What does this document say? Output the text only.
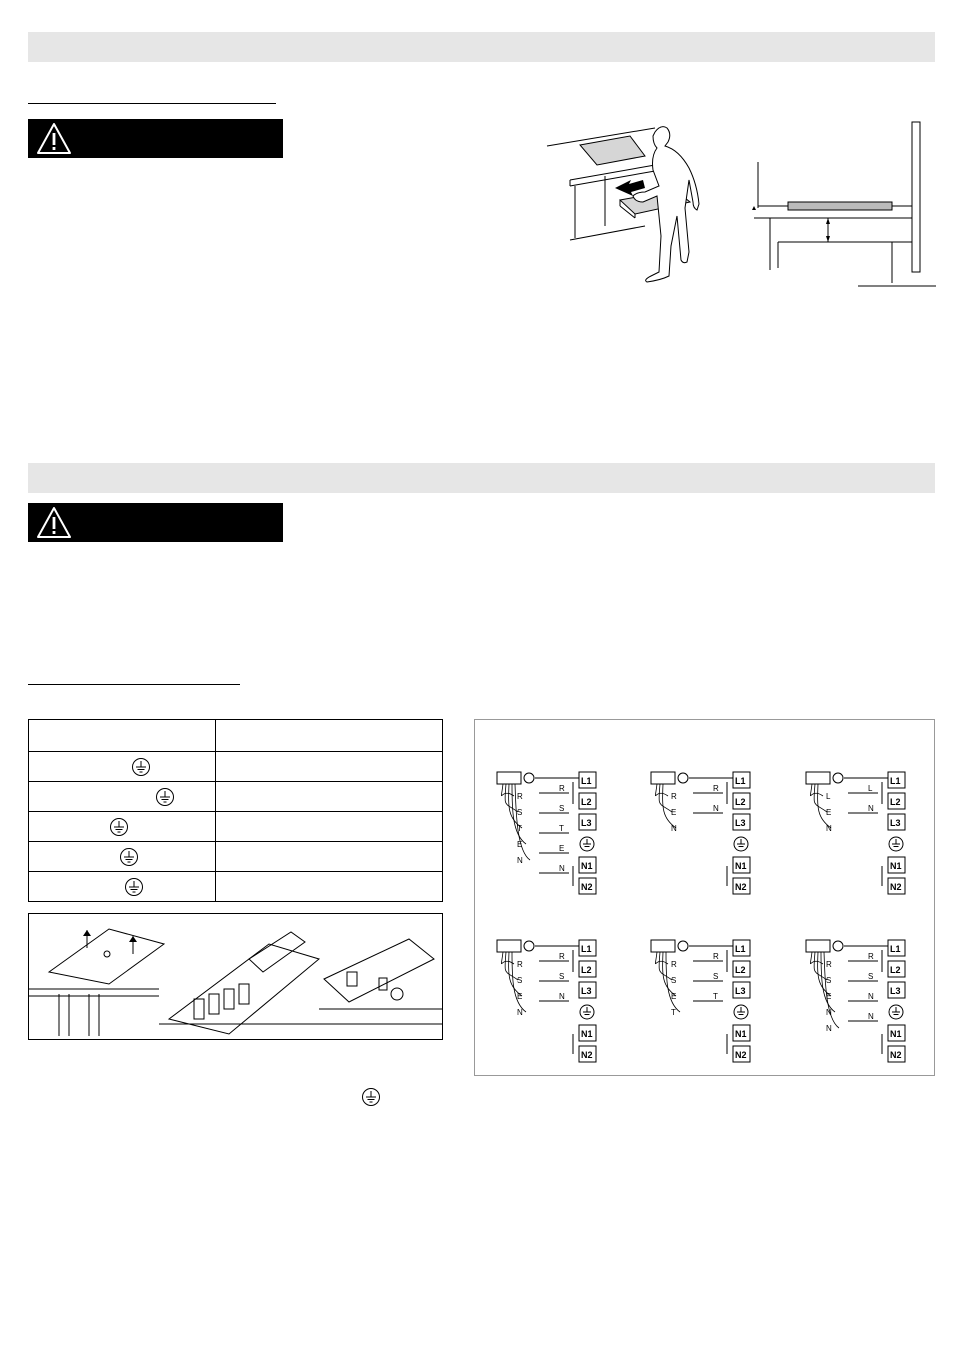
L1
L2
L3
N1
N2
R
S
T
E
N
R
S
T
E
N
L1
L2
L3
N1
N2
R
E
N
R
N
L1
L2
L3
N1
N2
L
E
N
L
N
L1
L2
L3
N1
N2
R
S
E
N
R
S
N
L1
L2
L3
N1
N2
R
S
E
T
R
S
T
L1
L2
L3
N1
N2
R
S
E
N
N
R
S
N
N
